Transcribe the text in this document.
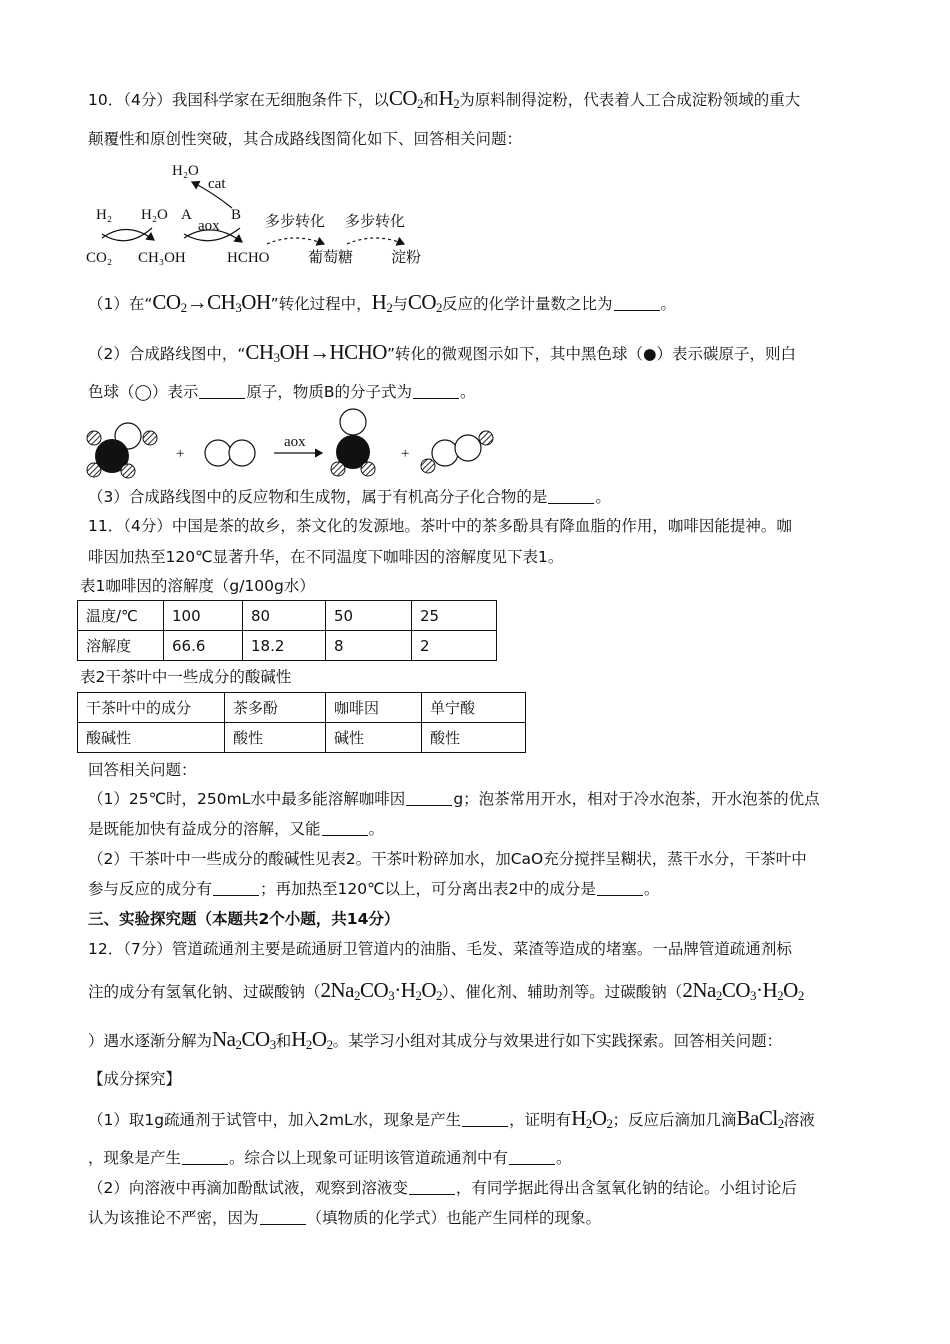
10．（4分）我国科学家在无细胞条件下，以$CO_2$和$H_2$为原料制得淀粉，代表着人工合成淀粉领域的重大
颠覆性和原创性突破，其合成路线图简化如下、回答相关问题：
H₂O
cat
H₂ H₂O A	B
aox	多步转化 多步转化
CO₂ CH₃OH	HCHO	葡萄糖	淀粉
（1）在“$CO_2\to CH_3OH$”转化过程中，$H_2$与$CO_2$反应的化学计量数之比为	。
（2）合成路线图中，“$CH_3OH\to HCHO$”转化的微观图示如下，其中黑色球（●）表示碳原子，则白
色球（◯）表示	原子，物质B的分子式为	。
+
aox
+
（3）合成路线图中的反应物和生成物，属于有机高分子化合物的是	。
11．（4分）中国是茶的故乡，茶文化的发源地。茶叶中的茶多酚具有降血脂的作用，咖啡因能提神。咖
啡因加热至120℃显著升华，在不同温度下咖啡因的溶解度见下表1。
表1咖啡因的溶解度（g/100g水）
温度/℃	100	80	50	25
溶解度	66.6	18.2	8	2
表2干茶叶中一些成分的酸碱性
干茶叶中的成分	茶多酚	咖啡因	单宁酸
酸碱性	酸性	碱性	酸性
回答相关问题：
（1）25℃时，250mL水中最多能溶解咖啡因	g；泡茶常用开水，相对于冷水泡茶，开水泡茶的优点
是既能加快有益成分的溶解，又能	。
（2）干茶叶中一些成分的酸碱性见表2。干茶叶粉碎加水，加CaO充分搅拌呈糊状，蒸干水分，干茶叶中
参与反应的成分有	；再加热至120℃以上，可分离出表2中的成分是	。
三、实验探究题（本题共2个小题，共14分）
12．（7分）管道疏通剂主要是疏通厨卫管道内的油脂、毛发、菜渣等造成的堵塞。一品牌管道疏通剂标
注的成分有氢氧化钠、过碳酸钠$(2Na_2CO_3\cdot H_2O_2)$、催化剂、辅助剂等。过碳酸钠（$2Na_2CO_3\cdot H_2O_2$
）遇水逐渐分解为$Na_2CO_3$和$H_2O_2$。某学习小组对其成分与效果进行如下实践探索。回答相关问题：
【成分探究】
（1）取1g疏通剂于试管中，加入2mL水，现象是产生	，证明有$H_2O_2$；反应后滴加几滴BaCl$_2$溶液
，现象是产生	。综合以上现象可证明该管道疏通剂中有	。
（2）向溶液中再滴加酚酞试液，观察到溶液变	，有同学据此得出含氢氧化钠的结论。小组讨论后
认为该推论不严密，因为	（填物质的化学式）也能产生同样的现象。
